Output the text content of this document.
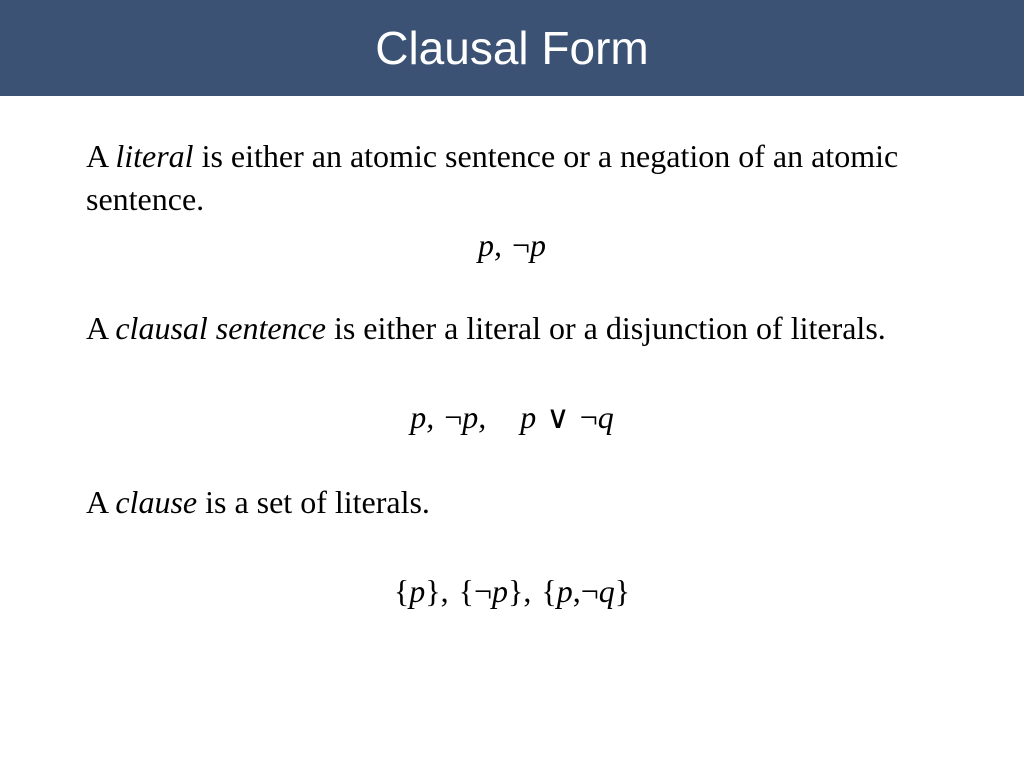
Clausal Form
A literal is either an atomic sentence or a negation of an atomic sentence.
p, ¬p
A clausal sentence is either a literal or a disjunction of literals.
p, ¬p, p ∨ ¬q
A clause is a set of literals.
{p}, {¬p}, {p,¬q}
